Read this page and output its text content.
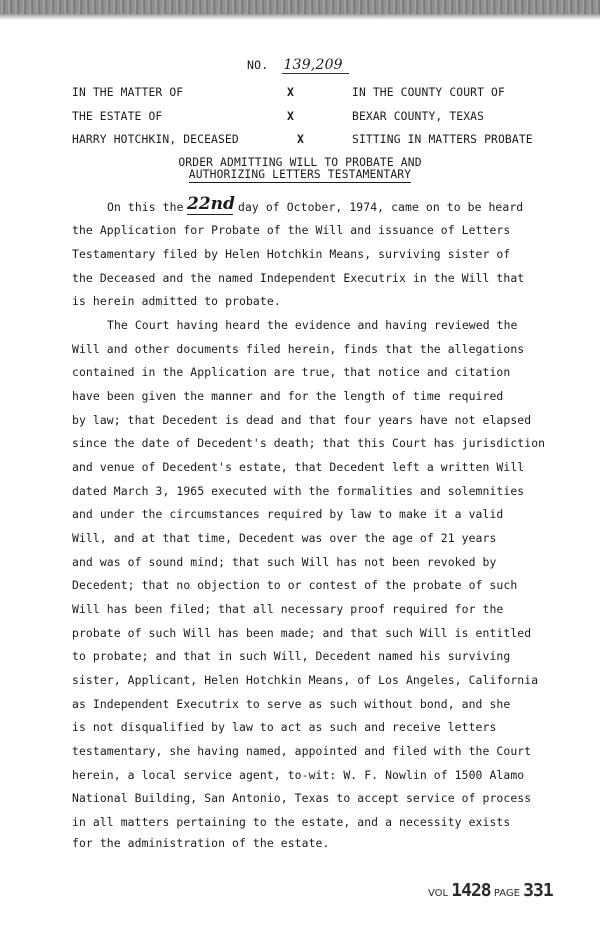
NO. 139,209
IN THE MATTER OF
THE ESTATE OF
HARRY HOTCHKIN, DECEASED
X
X
X
IN THE COUNTY COURT OF
BEXAR COUNTY, TEXAS
SITTING IN MATTERS PROBATE
ORDER ADMITTING WILL TO PROBATE AND
AUTHORIZING LETTERS TESTAMENTARY
On this the 22nd day of October, 1974, came on to be heard
the Application for Probate of the Will and issuance of Letters
Testamentary filed by Helen Hotchkin Means, surviving sister of
the Deceased and the named Independent Executrix in the Will that
is herein admitted to probate.
The Court having heard the evidence and having reviewed the
Will and other documents filed herein, finds that the allegations
contained in the Application are true, that notice and citation
have been given the manner and for the length of time required
by law; that Decedent is dead and that four years have not elapsed
since the date of Decedent's death; that this Court has jurisdiction
and venue of Decedent's estate, that Decedent left a written Will
dated March 3, 1965 executed with the formalities and solemnities
and under the circumstances required by law to make it a valid
Will, and at that time, Decedent was over the age of 21 years
and was of sound mind; that such Will has not been revoked by
Decedent; that no objection to or contest of the probate of such
Will has been filed; that all necessary proof required for the
probate of such Will has been made; and that such Will is entitled
to probate; and that in such Will, Decedent named his surviving
sister, Applicant, Helen Hotchkin Means, of Los Angeles, California
as Independent Executrix to serve as such without bond, and she
is not disqualified by law to act as such and receive letters
testamentary, she having named, appointed and filed with the Court
herein, a local service agent, to-wit: W. F. Nowlin of 1500 Alamo
National Building, San Antonio, Texas to accept service of process
in all matters pertaining to the estate, and a necessity exists
for the administration of the estate.
VOL 1428 PAGE 331
